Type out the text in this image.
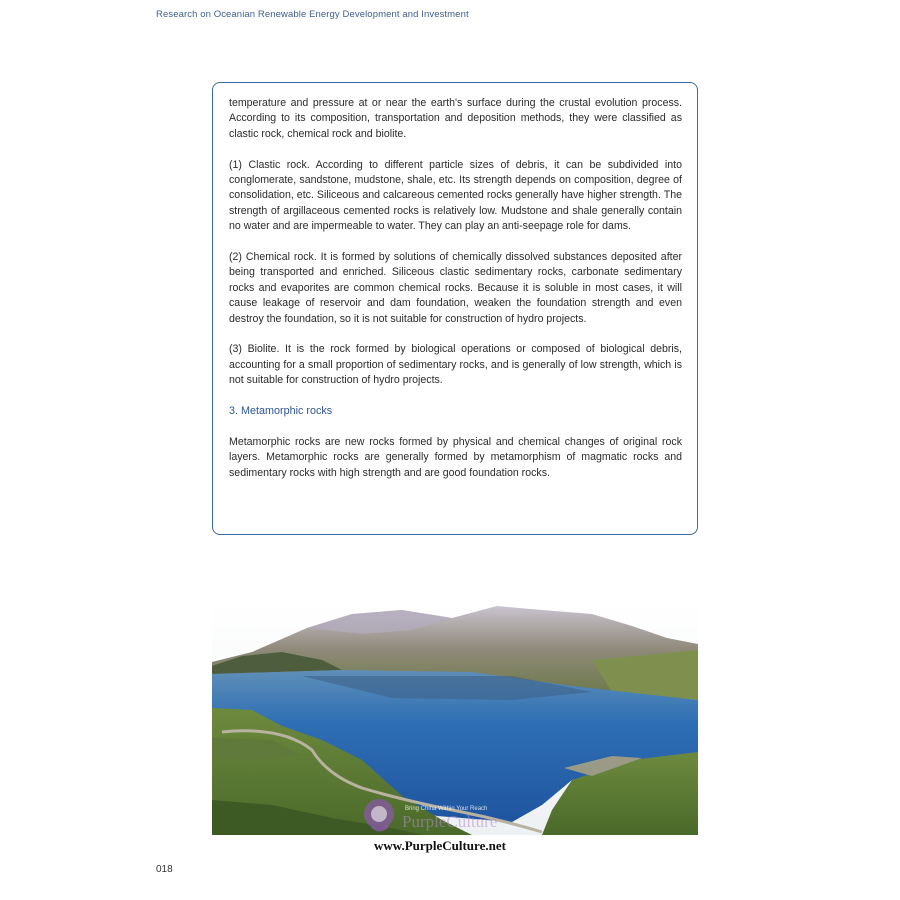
Research on Oceanian Renewable Energy Development and Investment

temperature and pressure at or near the earth's surface during the crustal evolution process. According to its composition, transportation and deposition methods, they were classified as clastic rock, chemical rock and biolite.

(1) Clastic rock. According to different particle sizes of debris, it can be subdivided into conglomerate, sandstone, mudstone, shale, etc. Its strength depends on composition, degree of consolidation, etc. Siliceous and calcareous cemented rocks generally have higher strength. The strength of argillaceous cemented rocks is relatively low. Mudstone and shale generally contain no water and are impermeable to water. They can play an anti-seepage role for dams.

(2) Chemical rock. It is formed by solutions of chemically dissolved substances deposited after being transported and enriched. Siliceous clastic sedimentary rocks, carbonate sedimentary rocks and evaporites are common chemical rocks. Because it is soluble in most cases, it will cause leakage of reservoir and dam foundation, weaken the foundation strength and even destroy the foundation, so it is not suitable for construction of hydro projects.

(3) Biolite. It is the rock formed by biological operations or composed of biological debris, accounting for a small proportion of sedimentary rocks, and is generally of low strength, which is not suitable for construction of hydro projects.

3. Metamorphic rocks

Metamorphic rocks are new rocks formed by physical and chemical changes of original rock layers. Metamorphic rocks are generally formed by metamorphism of magmatic rocks and sedimentary rocks with high strength and are good foundation rocks.

Bring China Within Your Reach
PurpleCulture
www.PurpleCulture.net
018
